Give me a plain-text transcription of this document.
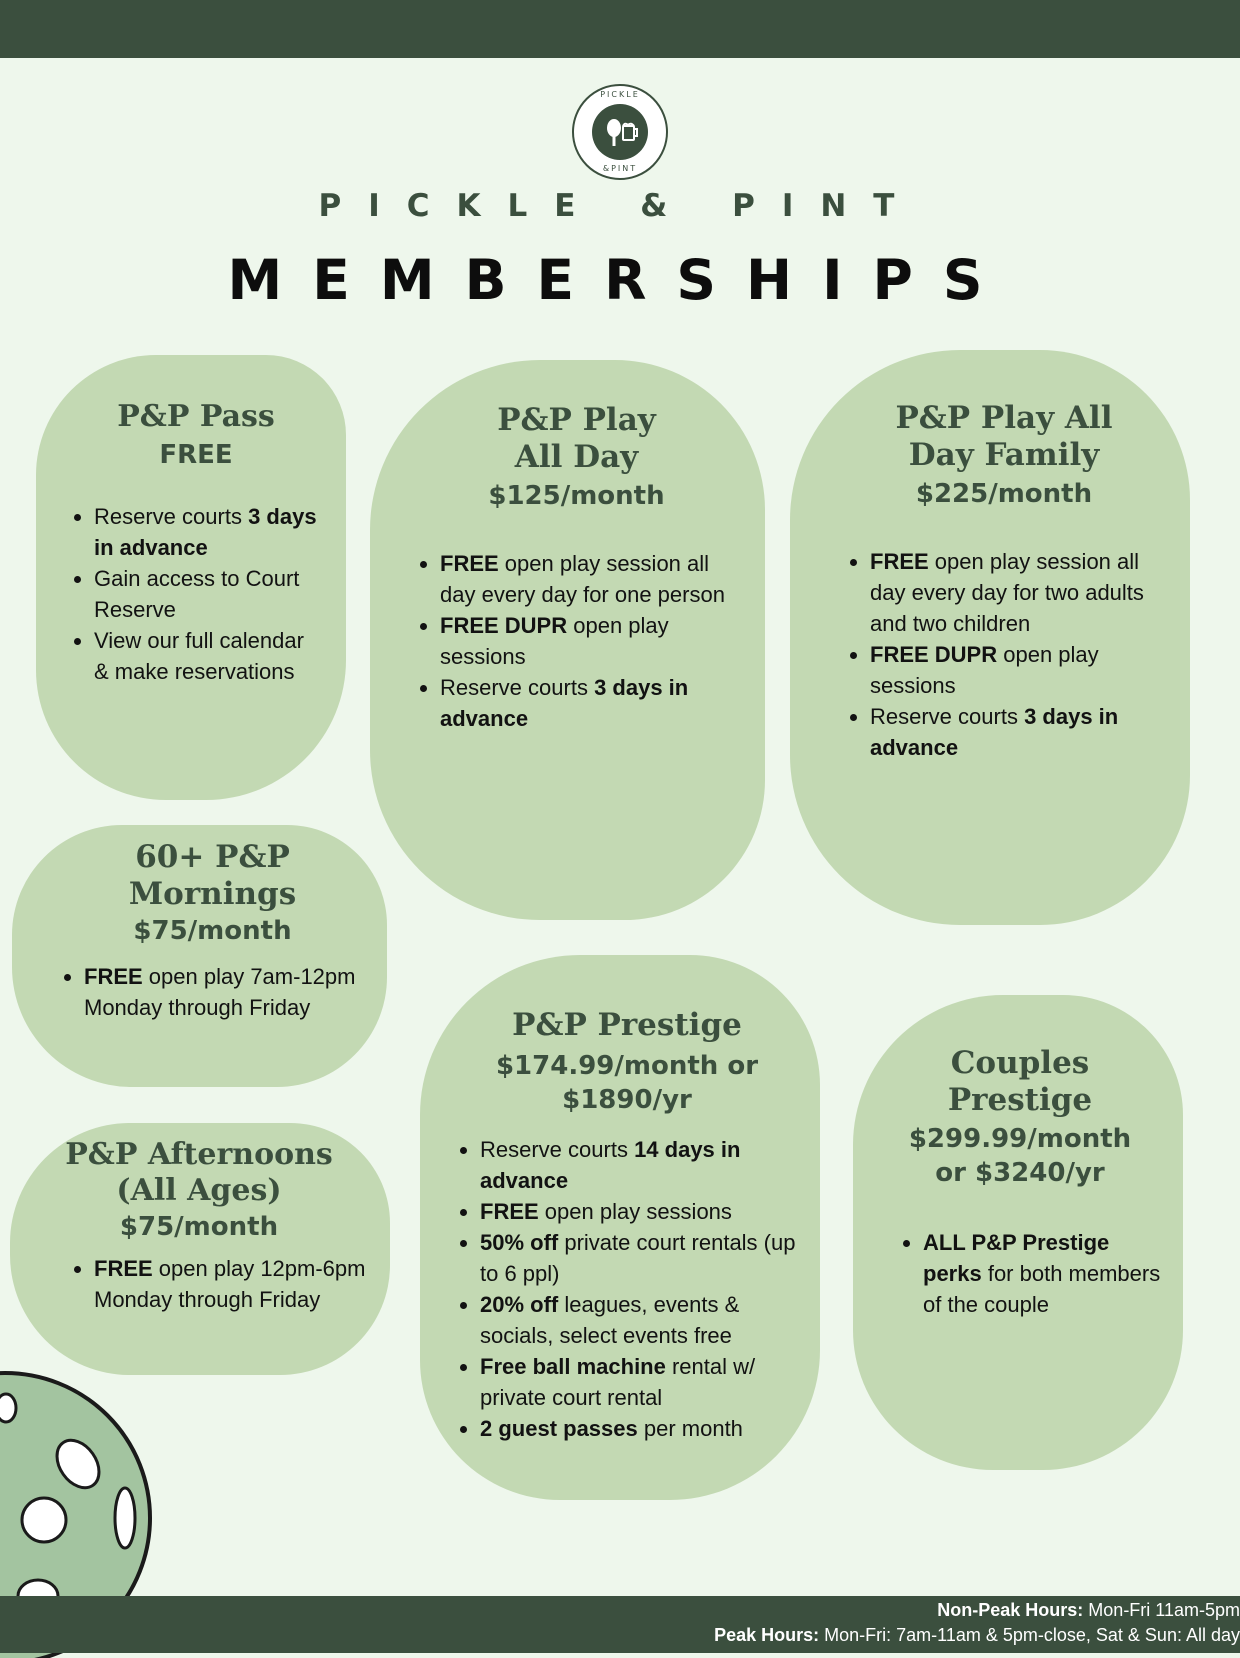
PICKLE
&PINT
PICKLE & PINT
MEMBERSHIPS

P&P Pass

FREE

• Reserve courts 3 days in advance
• Gain access to Court Reserve
• View our full calendar & make reservations

P&P Play
All Day

$125/month

• FREE open play session all day every day for one person
• FREE DUPR open play sessions
• Reserve courts 3 days in advance

P&P Play All
Day Family

$225/month

• FREE open play session all day every day for two adults and two children
• FREE DUPR open play sessions
• Reserve courts 3 days in advance

60+ P&P
Mornings

$75/month

• FREE open play 7am-12pm Monday through Friday

P&P Afternoons
(All Ages)

$75/month

• FREE open play 12pm-6pm Monday through Friday

P&P Prestige

$174.99/month or
$1890/yr

• Reserve courts 14 days in advance
• FREE open play sessions
• 50% off private court rentals (up to 6 ppl)
• 20% off leagues, events & socials, select events free
• Free ball machine rental w/ private court rental
• 2 guest passes per month

Couples
Prestige

$299.99/month
or $3240/yr

• ALL P&P Prestige perks for both members of the couple
Non-Peak Hours: Mon-Fri 11am-5pm
Peak Hours: Mon-Fri: 7am-11am & 5pm-close, Sat & Sun: All day
